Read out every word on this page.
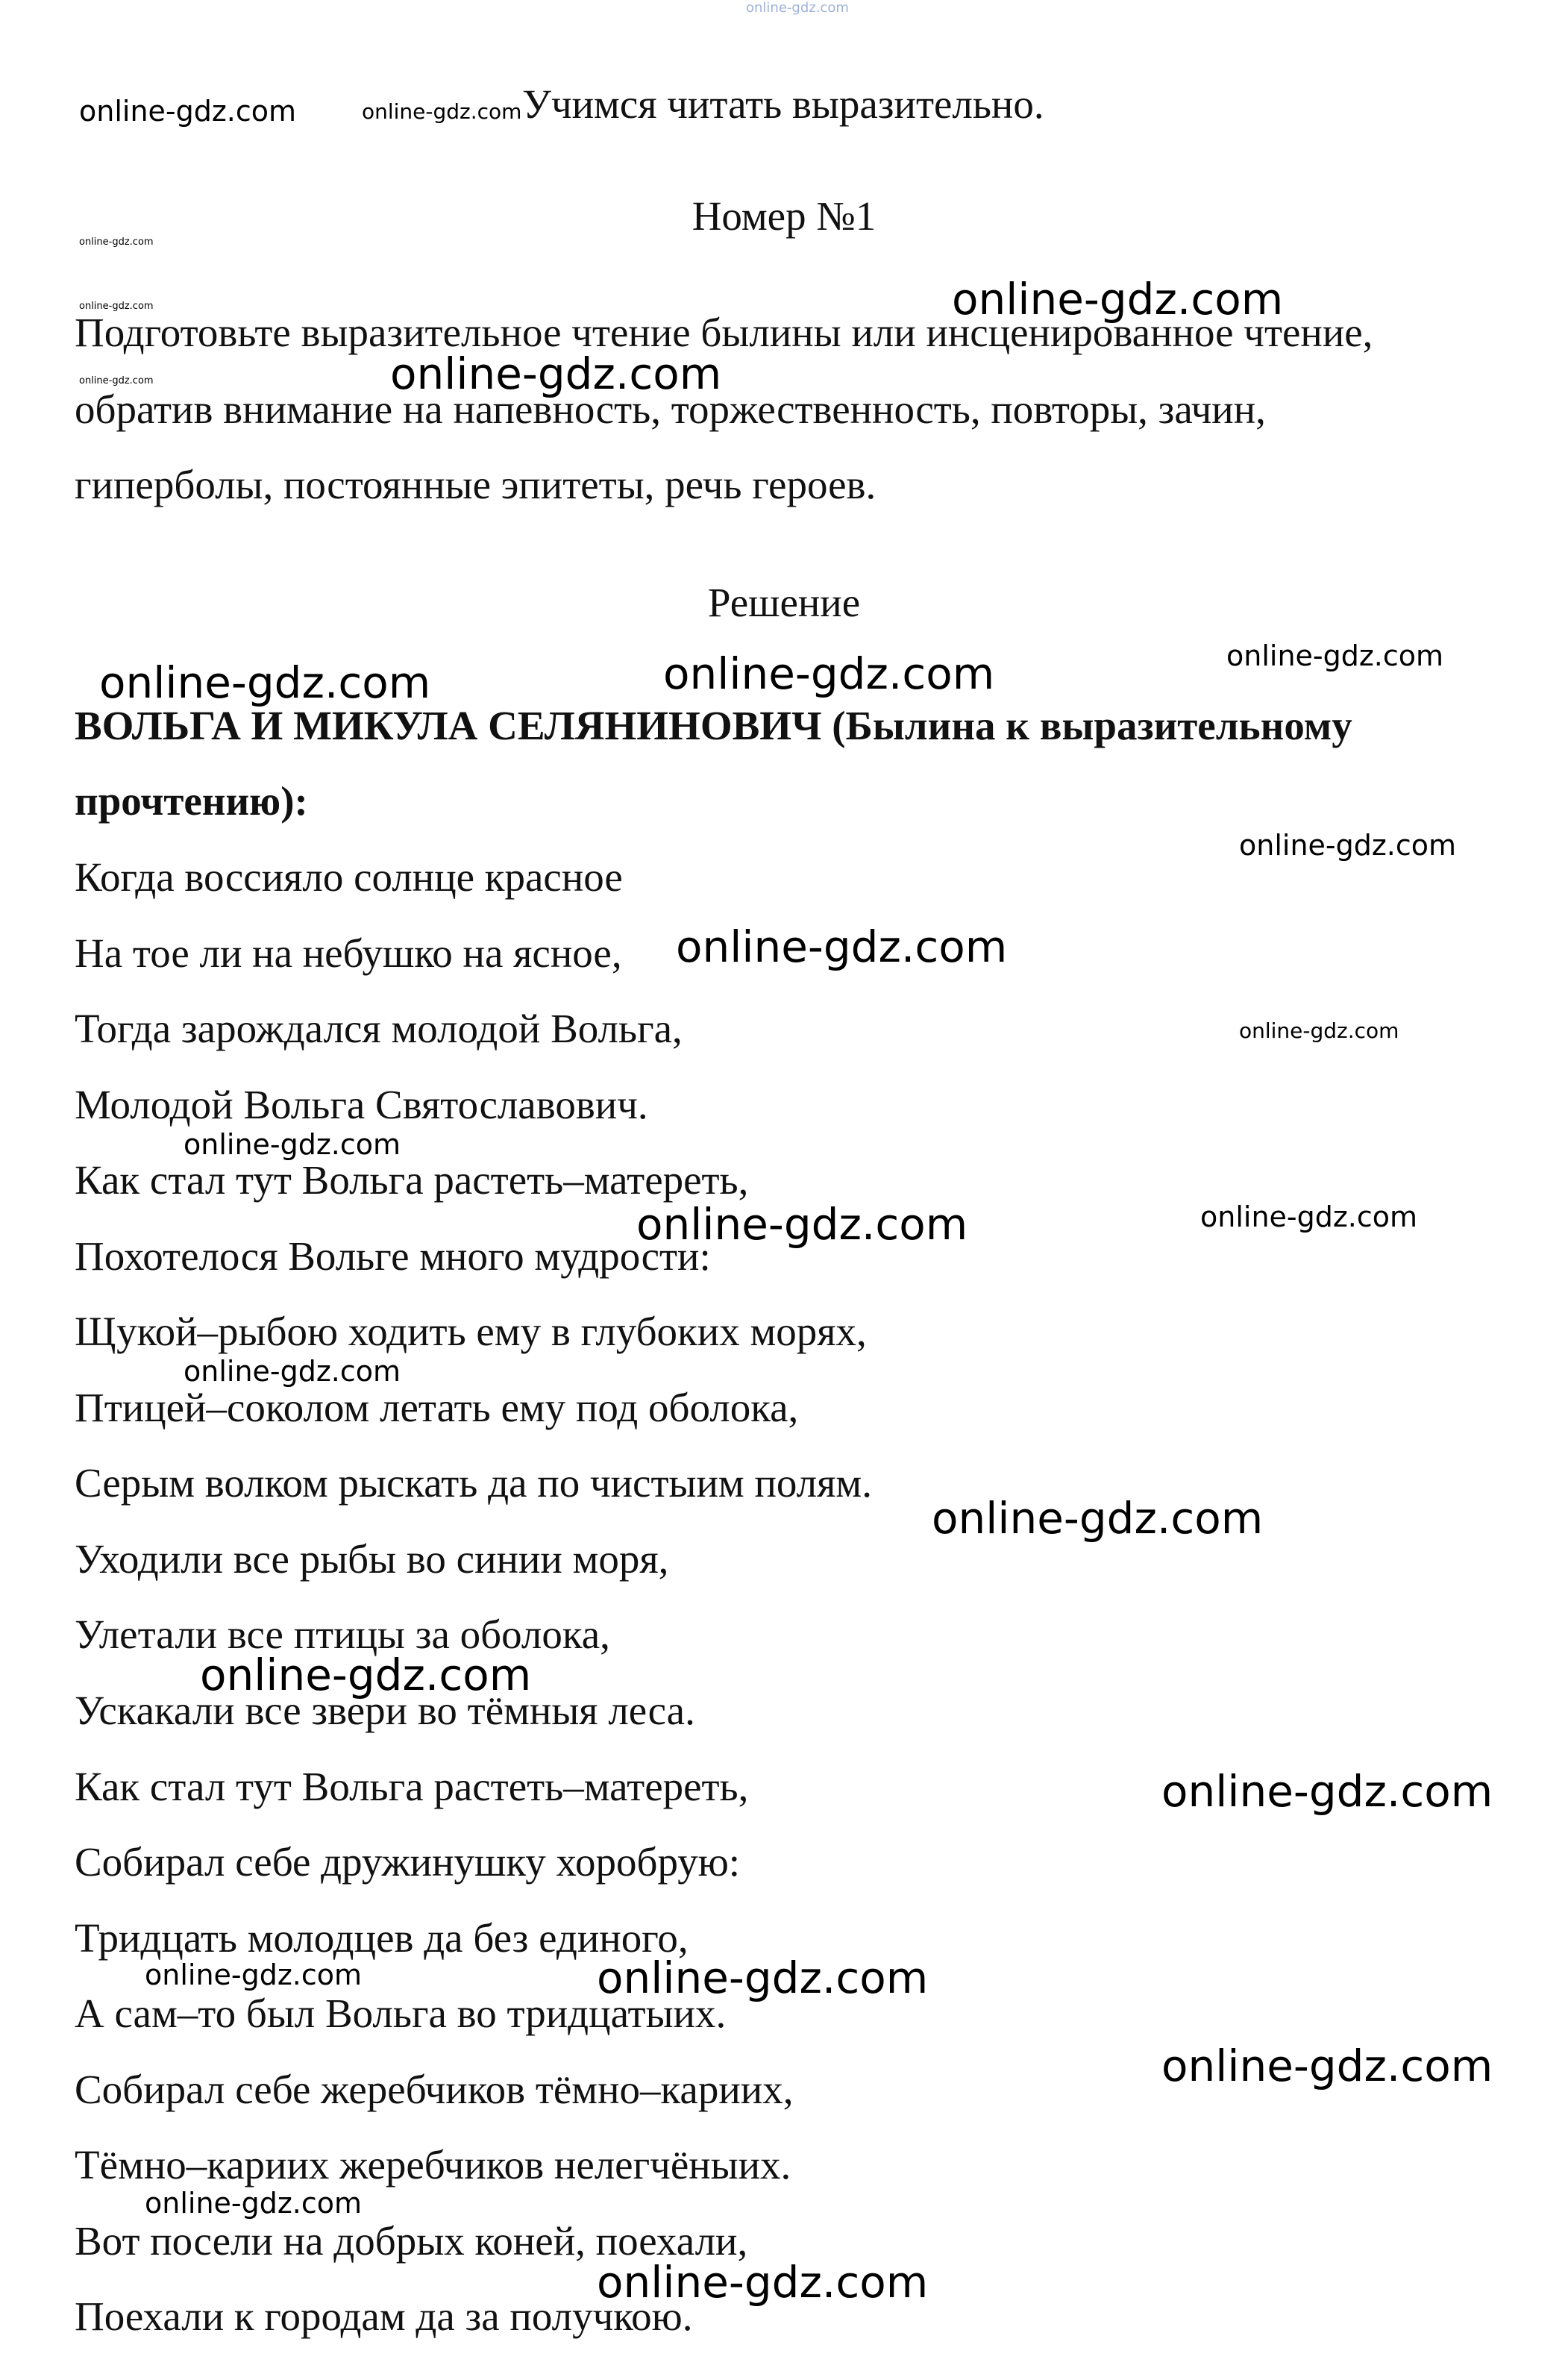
online-gdz.com
Учимся читать выразительно.
Номер №1
Подготовьте выразительное чтение былины или инсценированное чтение,
обратив внимание на напевность, торжественность, повторы, зачин,
гиперболы, постоянные эпитеты, речь героев.
Решение
ВОЛЬГА И МИКУЛА СЕЛЯНИНОВИЧ (Былина к выразительному
прочтению):
Когда воссияло солнце красное
На тое ли на небушко на ясное,
Тогда зарождался молодой Вольга,
Молодой Вольга Святославович.
Как стал тут Вольга растеть–матереть,
Похотелося Вольге много мудрости:
Щукой–рыбою ходить ему в глубоких морях,
Птицей–соколом летать ему под оболока,
Серым волком рыскать да по чистыим полям.
Уходили все рыбы во синии моря,
Улетали все птицы за оболока,
Ускакали все звери во тёмныя леса.
Как стал тут Вольга растеть–матереть,
Собирал себе дружинушку хоробрую:
Тридцать молодцев да без единого,
А сам–то был Вольга во тридцатыих.
Собирал себе жеребчиков тёмно–кариих,
Тёмно–кариих жеребчиков нелегчёныих.
Вот посели на добрых коней, поехали,
Поехали к городам да за получкою.
online-gdz.com	online-gdz.com
online-gdz.com
online-gdz.com
online-gdz.com
online-gdz.com
online-gdz.com
online-gdz.com	online-gdz.com	online-gdz.com
online-gdz.com
online-gdz.com
online-gdz.com
online-gdz.com
online-gdz.com	online-gdz.com
online-gdz.com
online-gdz.com
online-gdz.com
online-gdz.com
online-gdz.com	online-gdz.com
online-gdz.com
online-gdz.com
online-gdz.com
